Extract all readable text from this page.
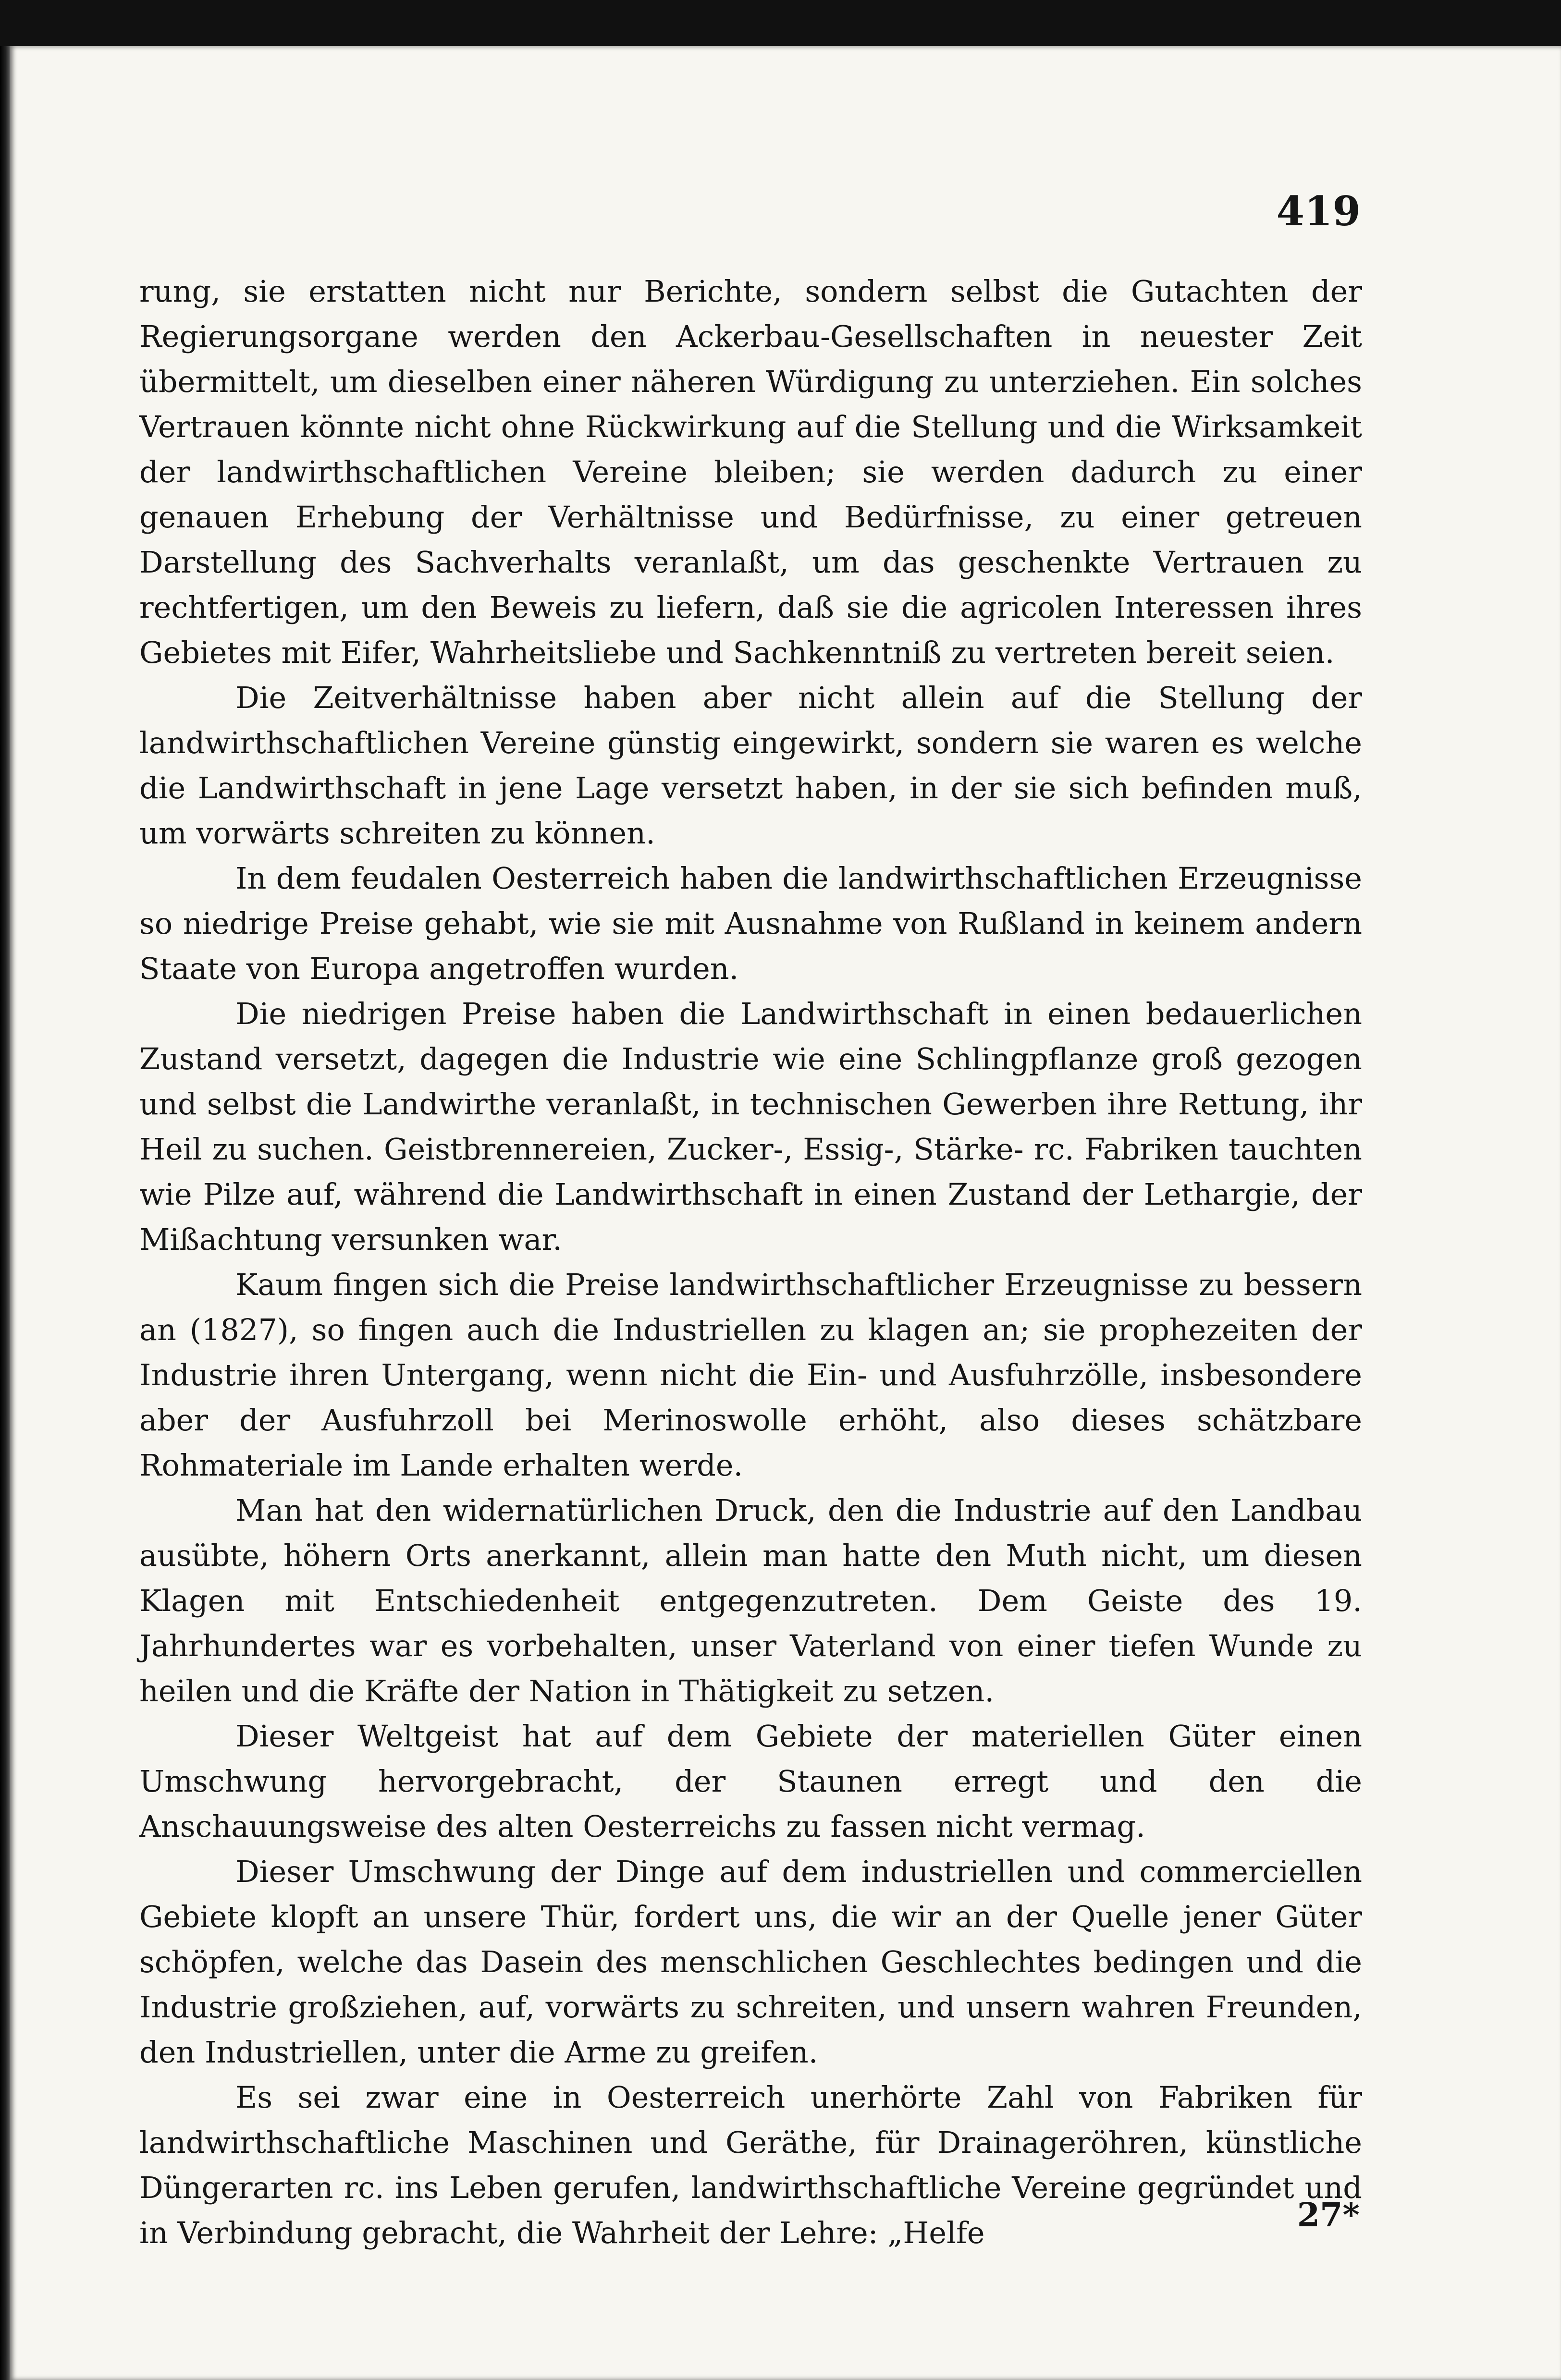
419

rung, sie erstatten nicht nur Berichte, sondern selbst die Gutachten der Regierungsorgane werden den Ackerbau-Gesellschaften in neuester Zeit übermittelt, um dieselben einer näheren Würdigung zu unterziehen. Ein solches Vertrauen könnte nicht ohne Rückwirkung auf die Stellung und die Wirksamkeit der landwirthschaftlichen Vereine bleiben; sie werden dadurch zu einer genauen Erhebung der Verhältnisse und Bedürfnisse, zu einer getreuen Darstellung des Sachverhalts veranlaßt, um das geschenkte Vertrauen zu rechtfertigen, um den Beweis zu liefern, daß sie die agricolen Interessen ihres Gebietes mit Eifer, Wahrheitsliebe und Sachkenntniß zu vertreten bereit seien.

Die Zeitverhältnisse haben aber nicht allein auf die Stellung der landwirthschaftlichen Vereine günstig eingewirkt, sondern sie waren es welche die Landwirthschaft in jene Lage versetzt haben, in der sie sich befinden muß, um vorwärts schreiten zu können.

In dem feudalen Oesterreich haben die landwirthschaftlichen Erzeugnisse so niedrige Preise gehabt, wie sie mit Ausnahme von Rußland in keinem andern Staate von Europa angetroffen wurden.

Die niedrigen Preise haben die Landwirthschaft in einen bedauerlichen Zustand versetzt, dagegen die Industrie wie eine Schlingpflanze groß gezogen und selbst die Landwirthe veranlaßt, in technischen Gewerben ihre Rettung, ihr Heil zu suchen. Geistbrennereien, Zucker-, Essig-, Stärke- rc. Fabriken tauchten wie Pilze auf, während die Landwirthschaft in einen Zustand der Lethargie, der Mißachtung versunken war.

Kaum fingen sich die Preise landwirthschaftlicher Erzeugnisse zu bessern an (1827), so fingen auch die Industriellen zu klagen an; sie prophezeiten der Industrie ihren Untergang, wenn nicht die Ein- und Ausfuhrzölle, insbesondere aber der Ausfuhrzoll bei Merinoswolle erhöht, also dieses schätzbare Rohmateriale im Lande erhalten werde.

Man hat den widernatürlichen Druck, den die Industrie auf den Landbau ausübte, höhern Orts anerkannt, allein man hatte den Muth nicht, um diesen Klagen mit Entschiedenheit entgegenzutreten. Dem Geiste des 19. Jahrhundertes war es vorbehalten, unser Vaterland von einer tiefen Wunde zu heilen und die Kräfte der Nation in Thätigkeit zu setzen.

Dieser Weltgeist hat auf dem Gebiete der materiellen Güter einen Umschwung hervorgebracht, der Staunen erregt und den die Anschauungsweise des alten Oesterreichs zu fassen nicht vermag.

Dieser Umschwung der Dinge auf dem industriellen und commerciellen Gebiete klopft an unsere Thür, fordert uns, die wir an der Quelle jener Güter schöpfen, welche das Dasein des menschlichen Geschlechtes bedingen und die Industrie großziehen, auf, vorwärts zu schreiten, und unsern wahren Freunden, den Industriellen, unter die Arme zu greifen.

Es sei zwar eine in Oesterreich unerhörte Zahl von Fabriken für landwirthschaftliche Maschinen und Geräthe, für Drainageröhren, künstliche Düngerarten rc. ins Leben gerufen, landwirthschaftliche Vereine gegründet und in Verbindung gebracht, die Wahrheit der Lehre: „Helfe	27*
